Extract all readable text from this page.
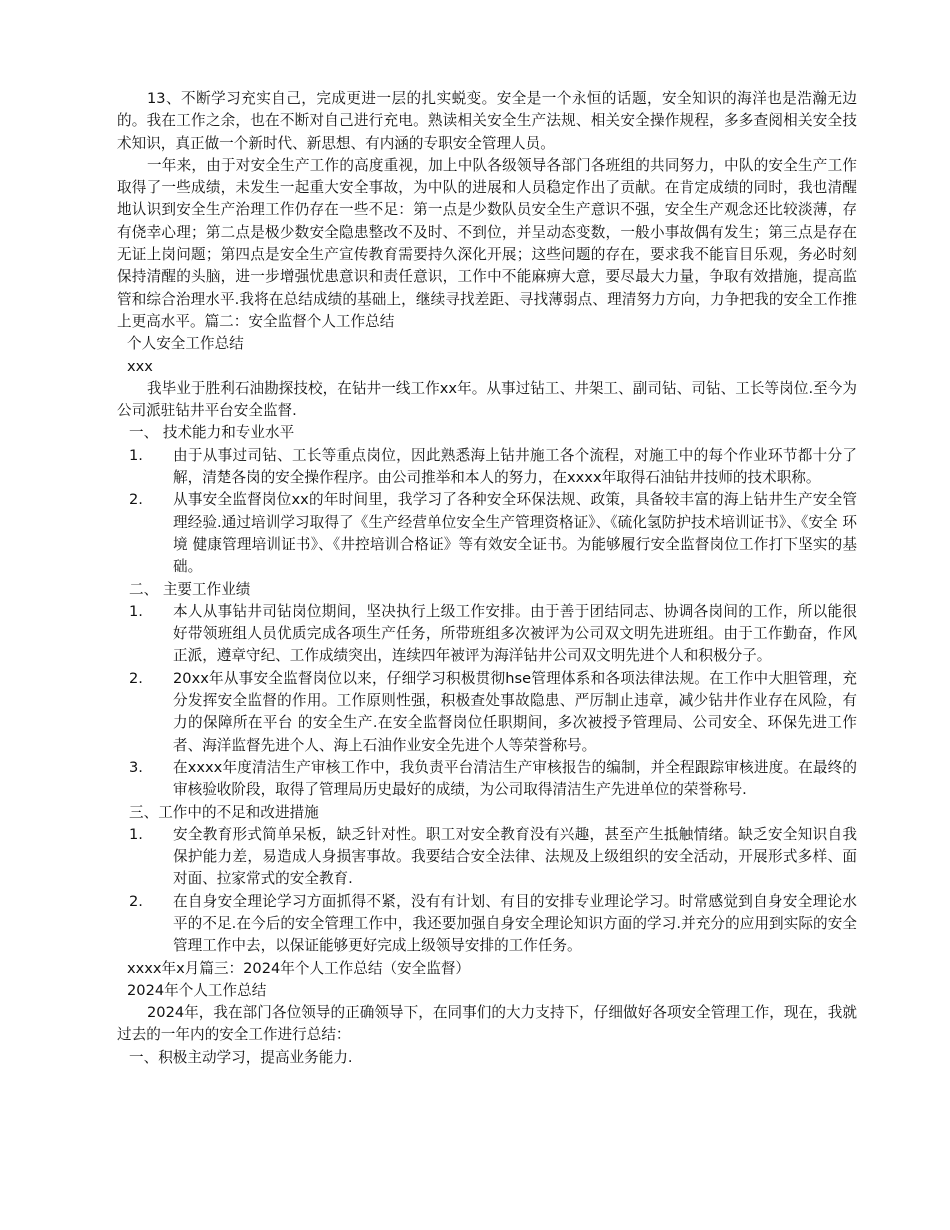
13、不断学习充实自己，完成更进一层的扎实蜕变。安全是一个永恒的话题，安全知识的海洋也是浩瀚无边的。我在工作之余，也在不断对自己进行充电。熟读相关安全生产法规、相关安全操作规程，多多查阅相关安全技术知识，真正做一个新时代、新思想、有内涵的专职安全管理人员。

一年来，由于对安全生产工作的高度重视，加上中队各级领导各部门各班组的共同努力，中队的安全生产工作取得了一些成绩，未发生一起重大安全事故，为中队的进展和人员稳定作出了贡献。在肯定成绩的同时，我也清醒地认识到安全生产治理工作仍存在一些不足：第一点是少数队员安全生产意识不强，安全生产观念还比较淡薄，存有侥幸心理；第二点是极少数安全隐患整改不及时、不到位，并呈动态变数，一般小事故偶有发生；第三点是存在无证上岗问题；第四点是安全生产宣传教育需要持久深化开展；这些问题的存在，要求我不能盲目乐观，务必时刻保持清醒的头脑，进一步增强忧患意识和责任意识，工作中不能麻痹大意，要尽最大力量，争取有效措施，提高监管和综合治理水平.我将在总结成绩的基础上，继续寻找差距、寻找薄弱点、理清努力方向，力争把我的安全工作推上更高水平。篇二：安全监督个人工作总结

个人安全工作总结

xxx

我毕业于胜利石油勘探技校，在钻井一线工作xx年。从事过钻工、井架工、副司钻、司钻、工长等岗位.至今为公司派驻钻井平台安全监督.

一、 技术能力和专业水平

1.	由于从事过司钻、工长等重点岗位，因此熟悉海上钻井施工各个流程，对施工中的每个作业环节都十分了解，清楚各岗的安全操作程序。由公司推举和本人的努力，在xxxx年取得石油钻井技师的技术职称。
2.	从事安全监督岗位xx的年时间里，我学习了各种安全环保法规、政策，具备较丰富的海上钻井生产安全管理经验.通过培训学习取得了《生产经营单位安全生产管理资格证》、《硫化氢防护技术培训证书》、《安全 环境 健康管理培训证书》、《井控培训合格证》等有效安全证书。为能够履行安全监督岗位工作打下坚实的基础。

二、 主要工作业绩

1.	本人从事钻井司钻岗位期间，坚决执行上级工作安排。由于善于团结同志、协调各岗间的工作，所以能很好带领班组人员优质完成各项生产任务，所带班组多次被评为公司双文明先进班组。由于工作勤奋，作风正派，遵章守纪、工作成绩突出，连续四年被评为海洋钻井公司双文明先进个人和积极分子。
2.	20xx年从事安全监督岗位以来，仔细学习积极贯彻hse管理体系和各项法律法规。在工作中大胆管理，充分发挥安全监督的作用。工作原则性强，积极查处事故隐患、严厉制止违章，减少钻井作业存在风险，有力的保障所在平台 的安全生产.在安全监督岗位任职期间，多次被授予管理局、公司安全、环保先进工作者、海洋监督先进个人、海上石油作业安全先进个人等荣誉称号。
3.	在xxxx年度清洁生产审核工作中，我负责平台清洁生产审核报告的编制，并全程跟踪审核进度。在最终的审核验收阶段，取得了管理局历史最好的成绩，为公司取得清洁生产先进单位的荣誉称号.

三、工作中的不足和改进措施

1.	安全教育形式简单呆板，缺乏针对性。职工对安全教育没有兴趣，甚至产生抵触情绪。缺乏安全知识自我保护能力差，易造成人身损害事故。我要结合安全法律、法规及上级组织的安全活动，开展形式多样、面对面、拉家常式的安全教育.
2.	在自身安全理论学习方面抓得不紧，没有有计划、有目的安排专业理论学习。时常感觉到自身安全理论水平的不足.在今后的安全管理工作中，我还要加强自身安全理论知识方面的学习.并充分的应用到实际的安全管理工作中去，以保证能够更好完成上级领导安排的工作任务。

xxxx年x月篇三：2024年个人工作总结（安全监督）

2024年个人工作总结

2024年，我在部门各位领导的正确领导下，在同事们的大力支持下，仔细做好各项安全管理工作，现在，我就过去的一年内的安全工作进行总结：

一、积极主动学习，提高业务能力.
